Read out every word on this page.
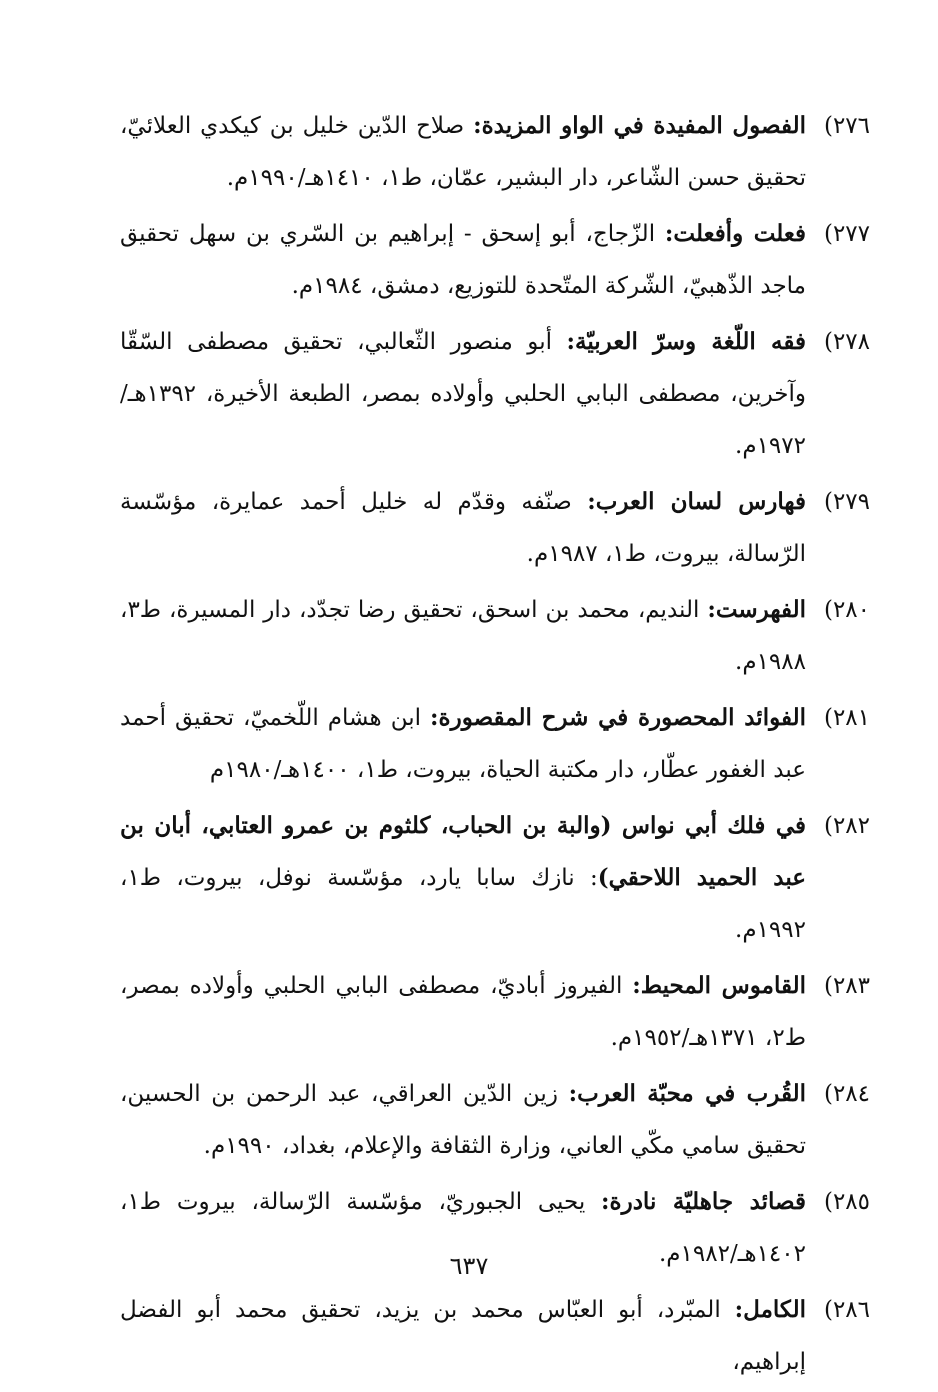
٢٧٦)
الفصول المفيدة في الواو المزيدة: صلاح الدّين خليل بن كيكدي العلائيّ، تحقيق حسن الشّاعر، دار البشير، عمّان، ط١، ١٤١٠هـ/١٩٩٠م.
٢٧٧)
فعلت وأفعلت: الزّجاج، أبو إسحق - إبراهيم بن السّري بن سهل تحقيق ماجد الذّهبيّ، الشّركة المتّحدة للتوزيع، دمشق، ١٩٨٤م.
٢٧٨)
فقه اللّغة وسرّ العربيّة: أبو منصور الثّعالبي، تحقيق مصطفى السّقّا وآخرين، مصطفى البابي الحلبي وأولاده بمصر، الطبعة الأخيرة، ١٣٩٢هـ/١٩٧٢م.
٢٧٩)
فهارس لسان العرب: صنّفه وقدّم له خليل أحمد عمايرة، مؤسّسة الرّسالة، بيروت، ط١، ١٩٨٧م.
٢٨٠)
الفهرست: النديم، محمد بن اسحق، تحقيق رضا تجدّد، دار المسيرة، ط٣، ١٩٨٨م.
٢٨١)
الفوائد المحصورة في شرح المقصورة: ابن هشام اللّخميّ، تحقيق أحمد عبد الغفور عطّار، دار مكتبة الحياة، بيروت، ط١، ١٤٠٠هـ/١٩٨٠م
٢٨٢)
في فلك أبي نواس (والبة بن الحباب، كلثوم بن عمرو العتابي، أبان بن عبد الحميد اللاحقي): نازك سابا يارد، مؤسّسة نوفل، بيروت، ط١، ١٩٩٢م.
٢٨٣)
القاموس المحيط: الفيروز أباديّ، مصطفى البابي الحلبي وأولاده بمصر، ط٢، ١٣٧١هـ/١٩٥٢م.
٢٨٤)
القُرب في محبّة العرب: زين الدّين العراقي، عبد الرحمن بن الحسين، تحقيق سامي مكّي العاني، وزارة الثقافة والإعلام، بغداد، ١٩٩٠م.
٢٨٥)
قصائد جاهليّة نادرة: يحيى الجبوريّ، مؤسّسة الرّسالة، بيروت ط١، ١٤٠٢هـ/١٩٨٢م.
٢٨٦)
الكامل: المبّرد، أبو العبّاس محمد بن يزيد، تحقيق محمد أبو الفضل إبراهيم،
٦٣٧
